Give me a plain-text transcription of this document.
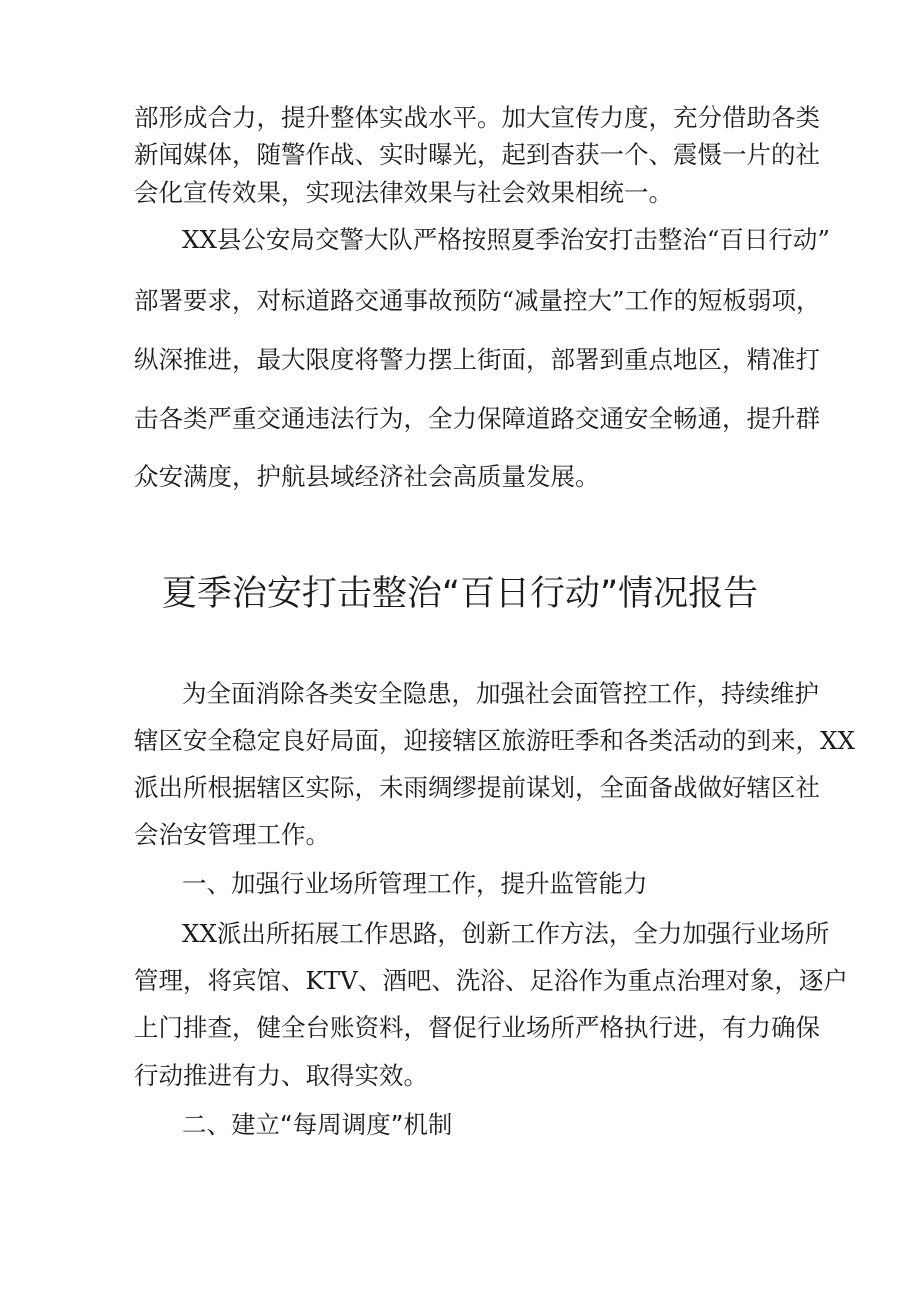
部形成合力，提升整体实战水平。加大宣传力度，充分借助各类

新闻媒体，随警作战、实时曝光，起到杳获一个、震慑一片的社

会化宣传效果，实现法律效果与社会效果相统一。

XX县公安局交警大队严格按照夏季治安打击整治“百日行动”

部署要求，对标道路交通事故预防“减量控大”工作的短板弱项，

纵深推进，最大限度将警力摆上街面，部署到重点地区，精准打

击各类严重交通违法行为，全力保障道路交通安全畅通，提升群

众安满度，护航县域经济社会高质量发展。

夏季治安打击整治“百日行动”情况报告

为全面消除各类安全隐患，加强社会面管控工作，持续维护

辖区安全稳定良好局面，迎接辖区旅游旺季和各类活动的到来，XX

派出所根据辖区实际，未雨绸缪提前谋划，全面备战做好辖区社

会治安管理工作。

一、加强行业场所管理工作，提升监管能力

XX派出所拓展工作思路，创新工作方法，全力加强行业场所

管理，将宾馆、KTV、酒吧、洗浴、足浴作为重点治理对象，逐户

上门排查，健全台账资料，督促行业场所严格执行进，有力确保

行动推进有力、取得实效。

二、建立“每周调度”机制
